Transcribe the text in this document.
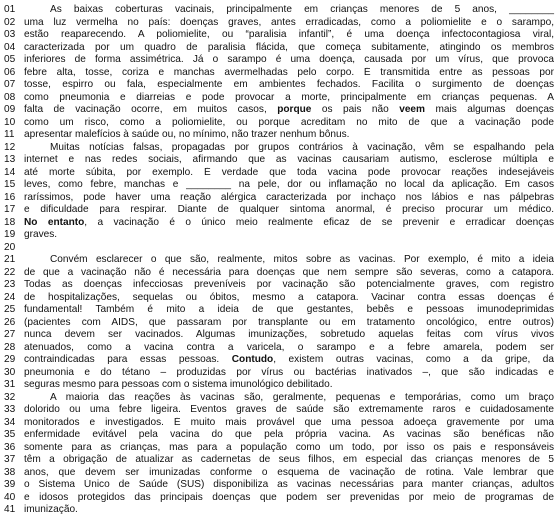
01	As baixas coberturas vacinais, principalmente em crianças menores de 5 anos, ________
02 uma luz vermelha no país: doenças graves, antes erradicadas, como a poliomielite e o sarampo,
03 estão reaparecendo. A poliomielite, ou “paralisia infantil”, é uma doença infectocontagiosa viral,
04 caracterizada por um quadro de paralisia flácida, que começa subitamente, atingindo os membros
05 inferiores de forma assimétrica. Já o sarampo é uma doença, causada por um vírus, que provoca
06 febre alta, tosse, coriza e manchas avermelhadas pelo corpo. É transmitida entre as pessoas por
07 tosse, espirro ou fala, especialmente em ambientes fechados. Facilita o surgimento de doenças
08 como pneumonia e diarreias e pode provocar a morte, principalmente em crianças pequenas. A
09 falta de vacinação ocorre, em muitos casos, porque os pais não veem mais algumas doenças
10 como um risco, como a poliomielite, ou porque acreditam no mito de que a vacinação pode
11 apresentar malefícios à saúde ou, no mínimo, não trazer nenhum bônus.
12	Muitas notícias falsas, propagadas por grupos contrários à vacinação, vêm se espalhando pela
13 internet e nas redes sociais, afirmando que as vacinas causariam autismo, esclerose múltipla e
14 até morte súbita, por exemplo. É verdade que toda vacina pode provocar reações indesejáveis
15 leves, como febre, manchas e ________ na pele, dor ou inflamação no local da aplicação. Em casos
16 raríssimos, pode haver uma reação alérgica caracterizada por inchaço nos lábios e nas pálpebras
17 e dificuldade para respirar. Diante de qualquer sintoma anormal, é preciso procurar um médico.
18 No entanto, a vacinação é o único meio realmente eficaz de se prevenir e erradicar doenças
19 graves.
20
21	Convém esclarecer o que são, realmente, mitos sobre as vacinas. Por exemplo, é mito a ideia
22 de que a vacinação não é necessária para doenças que nem sempre são severas, como a catapora.
23 Todas as doenças infecciosas preveníveis por vacinação são potencialmente graves, com registro
24 de hospitalizações, sequelas ou óbitos, mesmo a catapora. Vacinar contra essas doenças é
25 fundamental! Também é mito a ideia de que gestantes, bebês e pessoas imunodeprimidas
26 (pacientes com AIDS, que passaram por transplante ou em tratamento oncológico, entre outros)
27 nunca devem ser vacinados. Algumas imunizações, sobretudo aquelas feitas com vírus vivos
28 atenuados, como a vacina contra a varicela, o sarampo e a febre amarela, podem ser
29 contraindicadas para essas pessoas. Contudo, existem outras vacinas, como a da gripe, da
30 pneumonia e do tétano – produzidas por vírus ou bactérias inativados –, que são indicadas e
31 seguras mesmo para pessoas com o sistema imunológico debilitado.
32	A maioria das reações às vacinas são, geralmente, pequenas e temporárias, como um braço
33 dolorido ou uma febre ligeira. Eventos graves de saúde são extremamente raros e cuidadosamente
34 monitorados e investigados. É muito mais provável que uma pessoa adoeça gravemente por uma
35 enfermidade evitável pela vacina do que pela própria vacina. As vacinas são benéficas não
36 somente para as crianças, mas para a população como um todo, por isso os pais e responsáveis
37 têm a obrigação de atualizar as cadernetas de seus filhos, em especial das crianças menores de 5
38 anos, que devem ser imunizadas conforme o esquema de vacinação de rotina. Vale lembrar que
39 o Sistema Único de Saúde (SUS) disponibiliza as vacinas necessárias para manter crianças, adultos
40 e idosos protegidos das principais doenças que podem ser prevenidas por meio de programas de
41 imunização.
